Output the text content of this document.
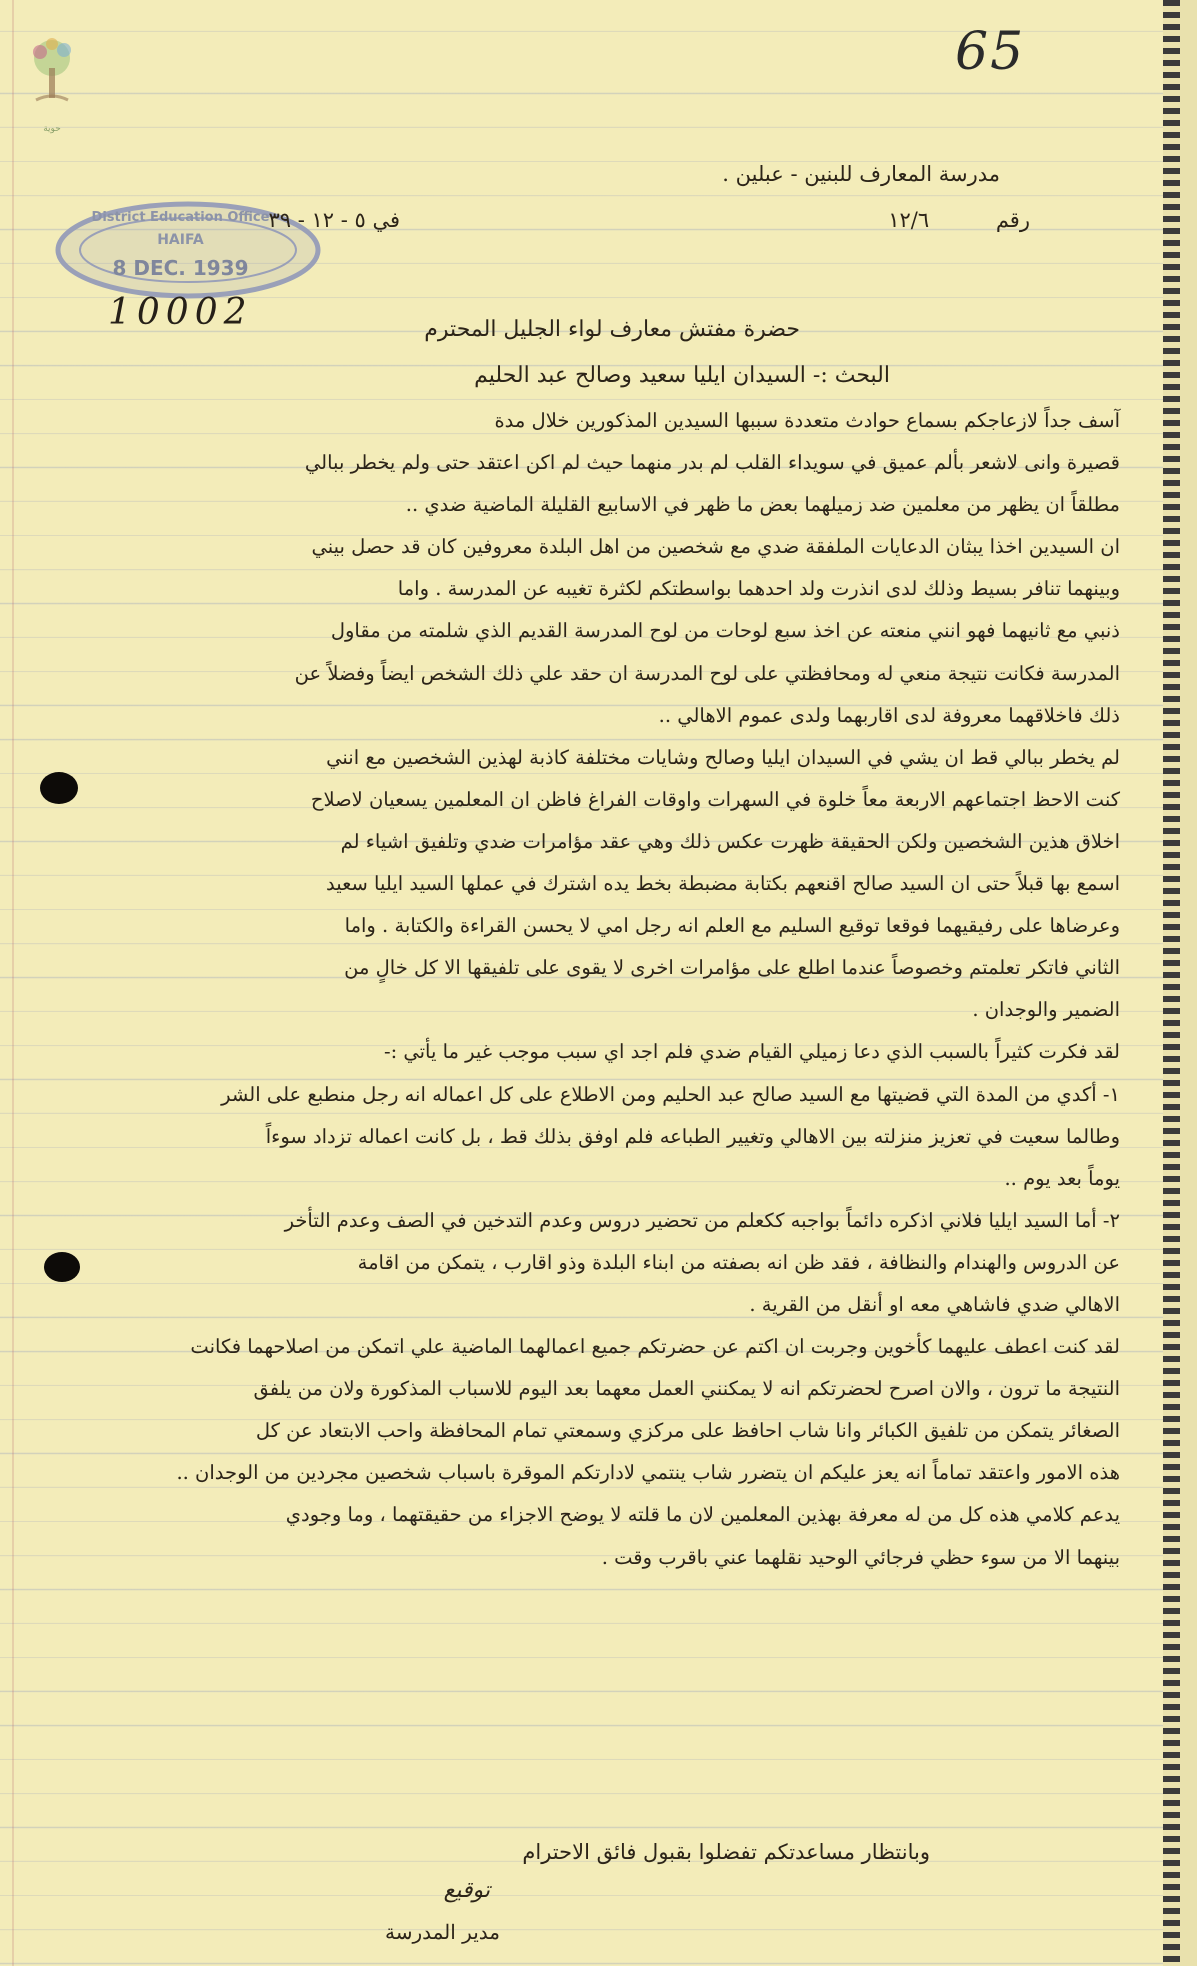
حوية
65
District Education Office
HAIFA
8 DEC. 1939
10002
مدرسة المعارف للبنين - عبلين .
رقم ١٢/٦
في ٥ - ١٢ - ٣٩
حضرة مفتش معارف لواء الجليل المحترم
البحث :- السيدان ايليا سعيد وصالح عبد الحليم

آسف جداً لازعاجكم بسماع حوادث متعددة سببها السيدين المذكورين خلال مدة

قصيرة وانى لاشعر بألم عميق في سويداء القلب لم بدر منهما حيث لم اكن اعتقد حتى ولم يخطر ببالي

مطلقاً ان يظهر من معلمين ضد زميلهما بعض ما ظهر في الاسابيع القليلة الماضية ضدي ..

ان السيدين اخذا يبثان الدعايات الملفقة ضدي مع شخصين من اهل البلدة معروفين كان قد حصل بيني

وبينهما تنافر بسيط وذلك لدى انذرت ولد احدهما بواسطتكم لكثرة تغيبه عن المدرسة . واما

ذنبي مع ثانيهما فهو انني منعته عن اخذ سبع لوحات من لوح المدرسة القديم الذي شلمته من مقاول

المدرسة فكانت نتيجة منعي له ومحافظتي على لوح المدرسة ان حقد علي ذلك الشخص ايضاً وفضلاً عن

ذلك فاخلاقهما معروفة لدى اقاربهما ولدى عموم الاهالي ..

لم يخطر ببالي قط ان يشي في السيدان ايليا وصالح وشايات مختلفة كاذبة لهذين الشخصين مع انني

كنت الاحظ اجتماعهم الاربعة معاً خلوة في السهرات واوقات الفراغ فاظن ان المعلمين يسعيان لاصلاح

اخلاق هذين الشخصين ولكن الحقيقة ظهرت عكس ذلك وهي عقد مؤامرات ضدي وتلفيق اشياء لم

اسمع بها قبلاً حتى ان السيد صالح اقنعهم بكتابة مضبطة بخط يده اشترك في عملها السيد ايليا سعيد

وعرضاها على رفيقيهما فوقعا توقيع السليم مع العلم انه رجل امي لا يحسن القراءة والكتابة . واما

الثاني فاتكر تعلمتم وخصوصاً عندما اطلع على مؤامرات اخرى لا يقوى على تلفيقها الا كل خالٍ من

الضمير والوجدان .

لقد فكرت كثيراً بالسبب الذي دعا زميلي القيام ضدي فلم اجد اي سبب موجب غير ما يأتي :-

١- أكدي من المدة التي قضيتها مع السيد صالح عبد الحليم ومن الاطلاع على كل اعماله انه رجل منطبع على الشر

وطالما سعيت في تعزيز منزلته بين الاهالي وتغيير الطباعه فلم اوفق بذلك قط ، بل كانت اعماله تزداد سوءاً

يوماً بعد يوم ..

٢- أما السيد ايليا فلاني اذكره دائماً بواجبه ككعلم من تحضير دروس وعدم التدخين في الصف وعدم التأخر

عن الدروس والهندام والنظافة ، فقد ظن انه بصفته من ابناء البلدة وذو اقارب ، يتمكن من اقامة

الاهالي ضدي فاشاهي معه او أنقل من القرية .

لقد كنت اعطف عليهما كأخوين وجربت ان اكتم عن حضرتكم جميع اعمالهما الماضية علي اتمكن من اصلاحهما فكانت

النتيجة ما ترون ، والان اصرح لحضرتكم انه لا يمكنني العمل معهما بعد اليوم للاسباب المذكورة ولان من يلفق

الصغائر يتمكن من تلفيق الكبائر وانا شاب احافظ على مركزي وسمعتي تمام المحافظة واحب الابتعاد عن كل

هذه الامور واعتقد تماماً انه يعز عليكم ان يتضرر شاب ينتمي لادارتكم الموقرة باسباب شخصين مجردين من الوجدان ..

يدعم كلامي هذه كل من له معرفة بهذين المعلمين لان ما قلته لا يوضح الاجزاء من حقيقتهما ، وما وجودي

بينهما الا من سوء حظي فرجائي الوحيد نقلهما عني باقرب وقت .

وبانتظار مساعدتكم تفضلوا بقبول فائق الاحترام
توقيع
مدير المدرسة
